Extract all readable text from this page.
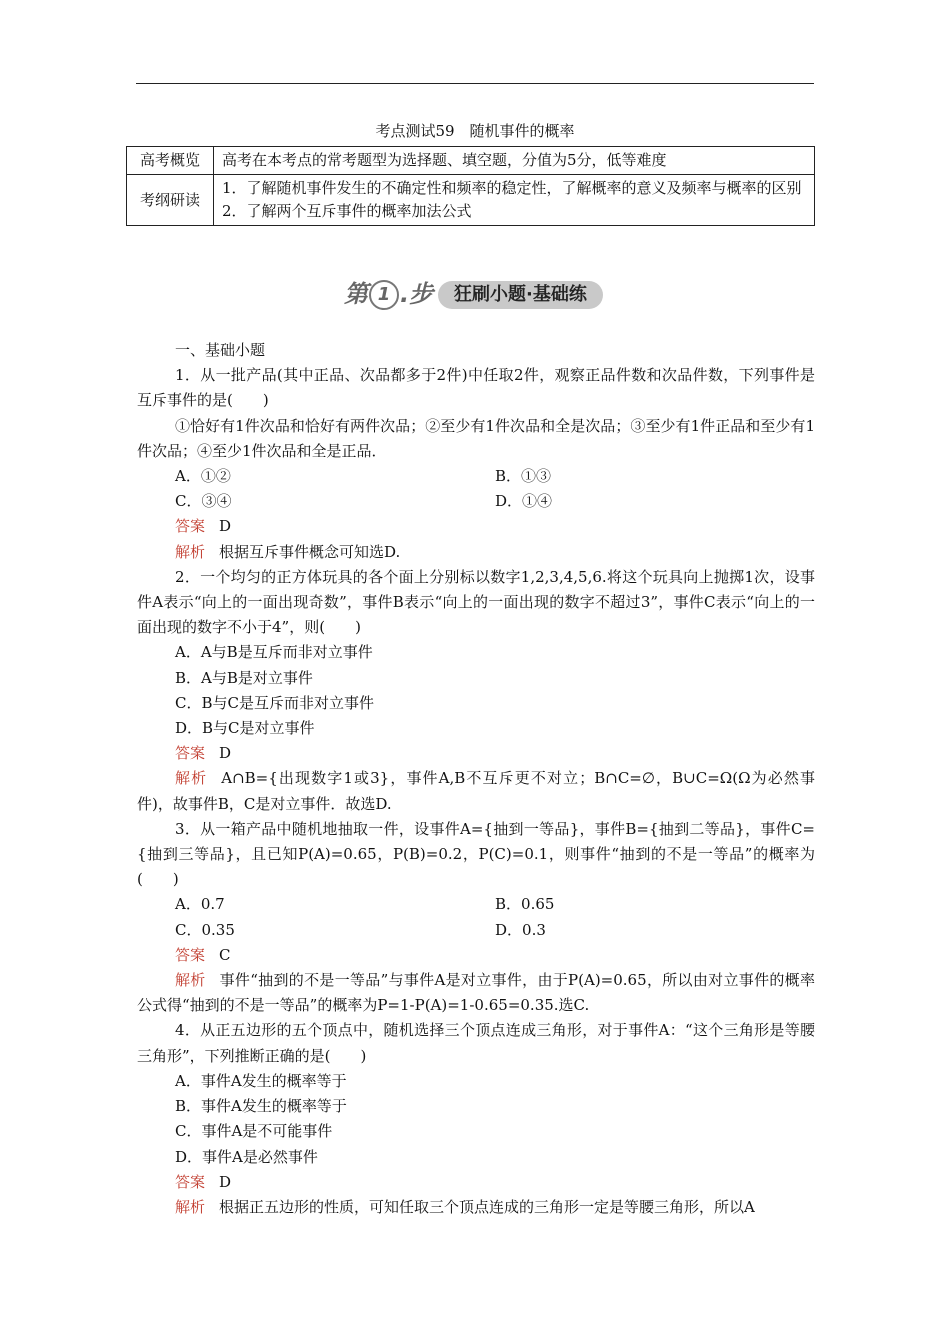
考点测试59　随机事件的概率
高考概览	高考在本考点的常考题型为选择题、填空题，分值为5分，低等难度
考纲研读	1．了解随机事件发生的不确定性和频率的稳定性，了解概率的意义及频率与概率的区别
2．了解两个互斥事件的概率加法公式
第 1 .步	狂刷小题·基础练

一、基础小题

1．从一批产品(其中正品、次品都多于2件)中任取2件，观察正品件数和次品件数，下列事件是互斥事件的是(　　)

①恰好有1件次品和恰好有两件次品；②至少有1件次品和全是次品；③至少有1件正品和至少有1件次品；④至少1件次品和全是正品．

A．①②	B．①③
C．③④	D．①④

答案 D

解析 根据互斥事件概念可知选D.

2．一个均匀的正方体玩具的各个面上分别标以数字1,2,3,4,5,6.将这个玩具向上抛掷1次，设事件A表示“向上的一面出现奇数”，事件B表示“向上的一面出现的数字不超过3”，事件C表示“向上的一面出现的数字不小于4”，则(　　)

A．A与B是互斥而非对立事件

B．A与B是对立事件

C．B与C是互斥而非对立事件

D．B与C是对立事件

答案 D

解析 A∩B={出现数字1或3}，事件A,B不互斥更不对立；B∩C=∅，B∪C=Ω(Ω为必然事件)，故事件B，C是对立事件．故选D.

3．从一箱产品中随机地抽取一件，设事件A={抽到一等品}，事件B={抽到二等品}，事件C={抽到三等品}，且已知P(A)=0.65，P(B)=0.2，P(C)=0.1，则事件“抽到的不是一等品”的概率为(　　)

A．0.7	B．0.65
C．0.35	D．0.3

答案 C

解析 事件“抽到的不是一等品”与事件A是对立事件，由于P(A)=0.65，所以由对立事件的概率公式得“抽到的不是一等品”的概率为P=1-P(A)=1-0.65=0.35.选C.

4．从正五边形的五个顶点中，随机选择三个顶点连成三角形，对于事件A：“这个三角形是等腰三角形”，下列推断正确的是(　　)

A．事件A发生的概率等于

B．事件A发生的概率等于

C．事件A是不可能事件

D．事件A是必然事件

答案 D

解析 根据正五边形的性质，可知任取三个顶点连成的三角形一定是等腰三角形，所以A
